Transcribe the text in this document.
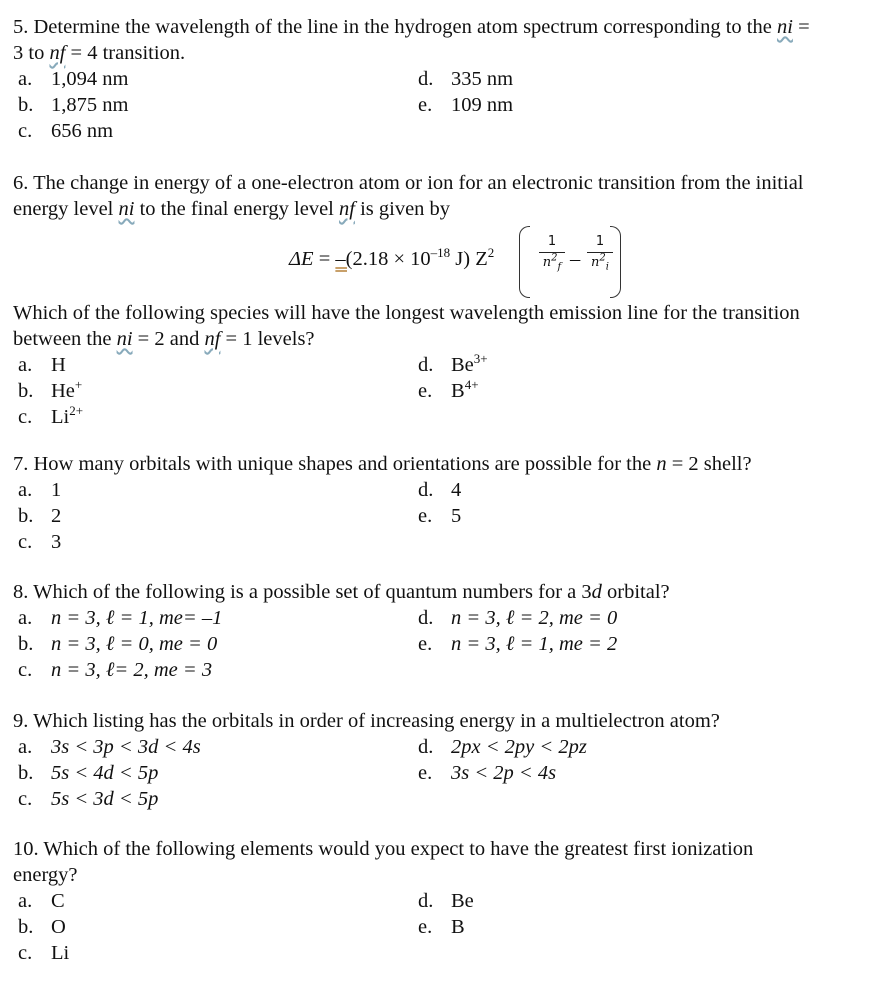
5. Determine the wavelength of the line in the hydrogen atom spectrum corresponding to the ni =
3 to nf = 4 transition.

a. 1,094 nm
b. 1,875 nm
c. 656 nm
d. 335 nm
e. 109 nm

6. The change in energy of a one-electron atom or ion for an electronic transition from the initial
energy level ni to the final energy level nf is given by

$\Delta E = -(2.18 \times 10^{-18}$ J) $Z^2$
1
$n^2_f$ –
1
$n^2_i$

Which of the following species will have the longest wavelength emission line for the transition
between the ni = 2 and nf = 1 levels?

a. H
b. He+
c. $Li^{2+}$
d. $Be^{3+}$
e. $B^{4+}$

7. How many orbitals with unique shapes and orientations are possible for the n = 2 shell?

a. 1
b. 2
c. 3
d. 4
e. 5

8. Which of the following is a possible set of quantum numbers for a 3d orbital?

a. n = 3, ℓ = 1, me= –1
b. n = 3, ℓ = 0, me = 0
c. n = 3, ℓ= 2, me = 3
d. n = 3, ℓ = 2, me = 0
e. n = 3, ℓ = 1, me = 2

9. Which listing has the orbitals in order of increasing energy in a multielectron atom?

a. 3s < 3p < 3d < 4s
b. 5s < 4d < 5p
c. 5s < 3d < 5p
d. 2px < 2py < 2pz
e. 3s < 2p < 4s

10. Which of the following elements would you expect to have the greatest first ionization
energy?

a. C
b. O
c. Li
d. Be
e. B
